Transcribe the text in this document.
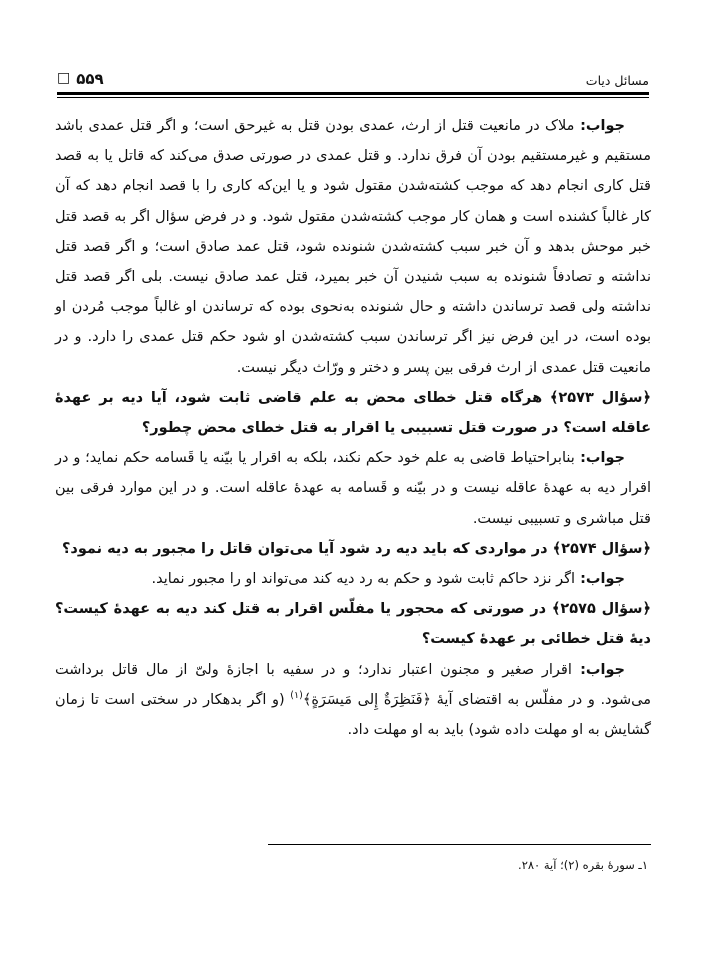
مسائل دیات
۵۵۹
□

جواب: ملاک در مانعیت قتل از ارث، عمدی بودن قتل به غیرحق است؛ و اگر قتل عمدی باشد مستقیم و غیرمستقیم بودن آن فرق ندارد. و قتل عمدی در صورتی صدق می‌کند که قاتل یا به قصد قتل کاری انجام دهد که موجب کشته‌شدن مقتول شود و یا این‌که کاری را با قصد انجام دهد که آن کار غالباً کشنده است و همان کار موجب کشته‌شدن مقتول شود. و در فرض سؤال اگر به قصد قتل خبر موحش بدهد و آن خبر سبب کشته‌شدن شنونده شود، قتل عمد صادق است؛ و اگر قصد قتل نداشته و تصادفاً شنونده به سبب شنیدن آن خبر بمیرد، قتل عمد صادق نیست. بلی اگر قصد قتل نداشته ولی قصد ترساندن داشته و حال شنونده به‌نحوی بوده که ترساندن او غالباً موجب مُردن او بوده است، در این فرض نیز اگر ترساندن سبب کشته‌شدن او شود حکم قتل عمدی را دارد. و در مانعیت قتل عمدی از ارث فرقی بین پسر و دختر و ورّاث دیگر نیست.

﴿سؤال ۲۵۷۳﴾ هرگاه قتل خطای محض به علم قاضی ثابت شود، آیا دیه بر عهدهٔ عاقله است؟ در صورت قتل تسبیبی یا اقرار به قتل خطای محض چطور؟

جواب: بنابراحتیاط قاضی به علم خود حکم نکند، بلکه به اقرار یا بیّنه یا قَسامه حکم نماید؛ و در اقرار دیه به عهدهٔ عاقله نیست و در بیّنه و قَسامه به عهدهٔ عاقله است. و در این موارد فرقی بین قتل مباشری و تسبیبی نیست.

﴿سؤال ۲۵۷۴﴾ در مواردی که باید دیه رد شود آیا می‌توان قاتل را مجبور به دیه نمود؟

جواب: اگر نزد حاکم ثابت شود و حکم به رد دیه کند می‌تواند او را مجبور نماید.

﴿سؤال ۲۵۷۵﴾ در صورتی که محجور یا مفلّس اقرار به قتل کند دیه به عهدهٔ کیست؟ دیهٔ قتل خطائی بر عهدهٔ کیست؟

جواب: اقرار صغیر و مجنون اعتبار ندارد؛ و در سفیه با اجازهٔ ولیّ از مال قاتل برداشت می‌شود. و در مفلّس به اقتضای آیهٔ ﴿فَنَظِرَةٌ إِلی مَیسَرَةٍ﴾$^{(۱)}$ (و اگر بدهکار در سختی است تا زمان گشایش به او مهلت داده شود) باید به او مهلت داد.

۱ـ سورهٔ بقره (۲)؛ آیة ۲۸۰.
